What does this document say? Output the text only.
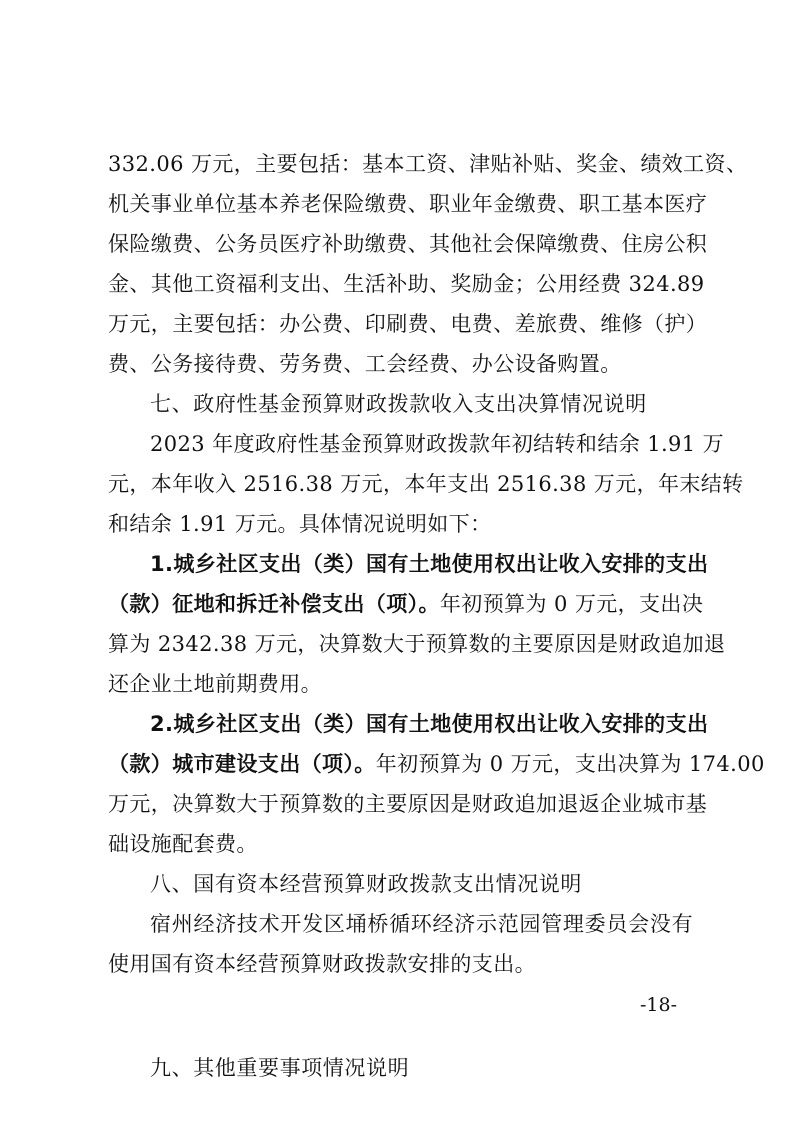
332.06 万元，主要包括：基本工资、津贴补贴、奖金、绩效工资、
机关事业单位基本养老保险缴费、职业年金缴费、职工基本医疗
保险缴费、公务员医疗补助缴费、其他社会保障缴费、住房公积
金、其他工资福利支出、生活补助、奖励金；公用经费 324.89
万元，主要包括：办公费、印刷费、电费、差旅费、维修（护）
费、公务接待费、劳务费、工会经费、办公设备购置。
七、政府性基金预算财政拨款收入支出决算情况说明
2023 年度政府性基金预算财政拨款年初结转和结余 1.91 万
元，本年收入 2516.38 万元，本年支出 2516.38 万元，年末结转
和结余 1.91 万元。具体情况说明如下：
1.城乡社区支出（类）国有土地使用权出让收入安排的支出
（款）征地和拆迁补偿支出（项）。年初预算为 0 万元，支出决
算为 2342.38 万元，决算数大于预算数的主要原因是财政追加退
还企业土地前期费用。
2.城乡社区支出（类）国有土地使用权出让收入安排的支出
（款）城市建设支出（项）。年初预算为 0 万元，支出决算为 174.00
万元，决算数大于预算数的主要原因是财政追加退返企业城市基
础设施配套费。
八、国有资本经营预算财政拨款支出情况说明
宿州经济技术开发区埇桥循环经济示范园管理委员会没有
使用国有资本经营预算财政拨款安排的支出。
-18-
九、其他重要事项情况说明
